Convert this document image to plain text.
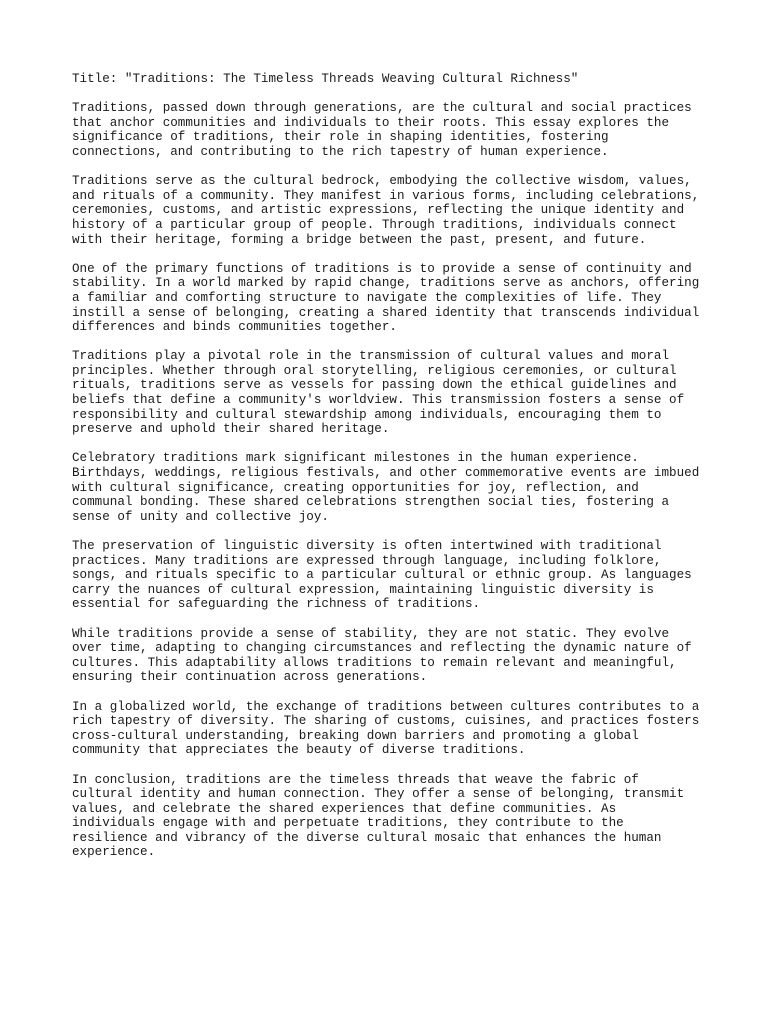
Title: "Traditions: The Timeless Threads Weaving Cultural Richness"
Traditions, passed down through generations, are the cultural and social practices
that anchor communities and individuals to their roots. This essay explores the
significance of traditions, their role in shaping identities, fostering
connections, and contributing to the rich tapestry of human experience.
Traditions serve as the cultural bedrock, embodying the collective wisdom, values,
and rituals of a community. They manifest in various forms, including celebrations,
ceremonies, customs, and artistic expressions, reflecting the unique identity and
history of a particular group of people. Through traditions, individuals connect
with their heritage, forming a bridge between the past, present, and future.
One of the primary functions of traditions is to provide a sense of continuity and
stability. In a world marked by rapid change, traditions serve as anchors, offering
a familiar and comforting structure to navigate the complexities of life. They
instill a sense of belonging, creating a shared identity that transcends individual
differences and binds communities together.
Traditions play a pivotal role in the transmission of cultural values and moral
principles. Whether through oral storytelling, religious ceremonies, or cultural
rituals, traditions serve as vessels for passing down the ethical guidelines and
beliefs that define a community's worldview. This transmission fosters a sense of
responsibility and cultural stewardship among individuals, encouraging them to
preserve and uphold their shared heritage.
Celebratory traditions mark significant milestones in the human experience.
Birthdays, weddings, religious festivals, and other commemorative events are imbued
with cultural significance, creating opportunities for joy, reflection, and
communal bonding. These shared celebrations strengthen social ties, fostering a
sense of unity and collective joy.
The preservation of linguistic diversity is often intertwined with traditional
practices. Many traditions are expressed through language, including folklore,
songs, and rituals specific to a particular cultural or ethnic group. As languages
carry the nuances of cultural expression, maintaining linguistic diversity is
essential for safeguarding the richness of traditions.
While traditions provide a sense of stability, they are not static. They evolve
over time, adapting to changing circumstances and reflecting the dynamic nature of
cultures. This adaptability allows traditions to remain relevant and meaningful,
ensuring their continuation across generations.
In a globalized world, the exchange of traditions between cultures contributes to a
rich tapestry of diversity. The sharing of customs, cuisines, and practices fosters
cross-cultural understanding, breaking down barriers and promoting a global
community that appreciates the beauty of diverse traditions.
In conclusion, traditions are the timeless threads that weave the fabric of
cultural identity and human connection. They offer a sense of belonging, transmit
values, and celebrate the shared experiences that define communities. As
individuals engage with and perpetuate traditions, they contribute to the
resilience and vibrancy of the diverse cultural mosaic that enhances the human
experience.
